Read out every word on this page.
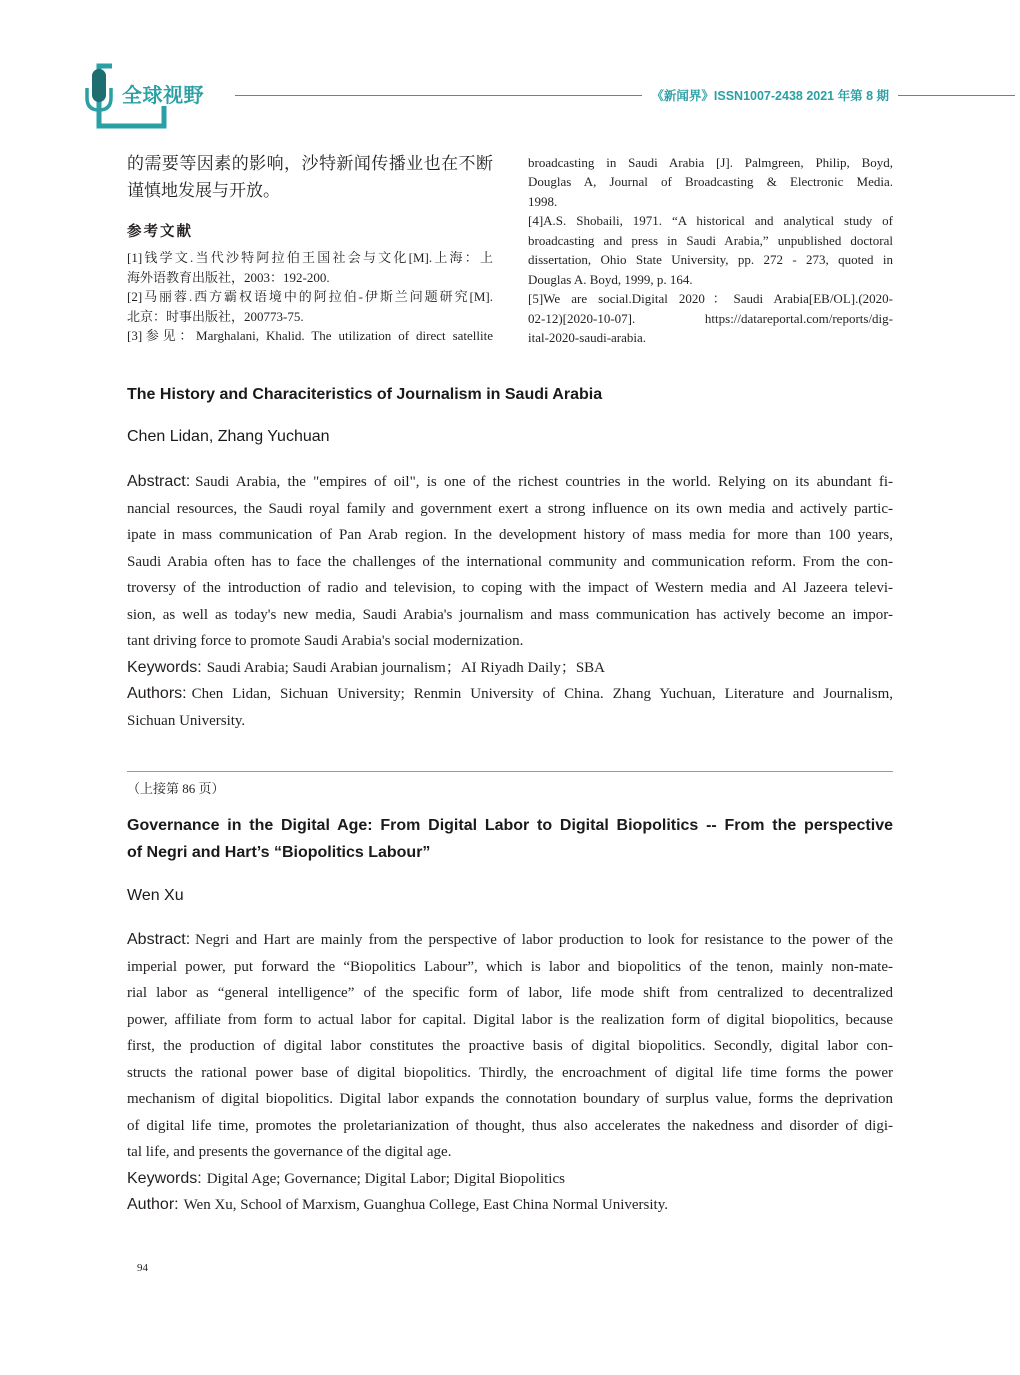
全球视野	《新闻界》ISSN1007-2438 2021 年第 8 期
的需要等因素的影响，沙特新闻传播业也在不断
谨慎地发展与开放。
参考文献
[1]钱学文.当代沙特阿拉伯王国社会与文化[M].上海：上
海外语教育出版社，2003：192-200.
[2]马丽蓉.西方霸权语境中的阿拉伯-伊斯兰问题研究[M].
北京：时事出版社，200773-75.
[3]参见：Marghalani, Khalid. The utilization of direct satellite
broadcasting in Saudi Arabia [J]. Palmgreen, Philip, Boyd,
Douglas A, Journal of Broadcasting & Electronic Media.
1998.
[4]A.S. Shobaili, 1971. “A historical and analytical study of
broadcasting and press in Saudi Arabia,” unpublished doctoral
dissertation, Ohio State University, pp. 272 - 273, quoted in
Douglas A. Boyd, 1999, p. 164.
[5]We are social.Digital 2020：Saudi Arabia[EB/OL].(2020-
02-12)[2020-10-07]. https://datareportal.com/reports/dig-
ital-2020-saudi-arabia.
The History and Characiteristics of Journalism in Saudi Arabia
Chen Lidan, Zhang Yuchuan
Abstract: Saudi Arabia, the "empires of oil", is one of the richest countries in the world. Relying on its abundant fi-
nancial resources, the Saudi royal family and government exert a strong influence on its own media and actively partic-
ipate in mass communication of Pan Arab region. In the development history of mass media for more than 100 years,
Saudi Arabia often has to face the challenges of the international community and communication reform. From the con-
troversy of the introduction of radio and television, to coping with the impact of Western media and Al Jazeera televi-
sion, as well as today's new media, Saudi Arabia's journalism and mass communication has actively become an impor-
tant driving force to promote Saudi Arabia's social modernization.
Keywords: Saudi Arabia; Saudi Arabian journalism；AI Riyadh Daily；SBA
Authors: Chen Lidan, Sichuan University; Renmin University of China. Zhang Yuchuan, Literature and Journalism,
Sichuan University.
（上接第 86 页）
Governance in the Digital Age: From Digital Labor to Digital Biopolitics -- From the perspective
of Negri and Hart’s “Biopolitics Labour”
Wen Xu
Abstract: Negri and Hart are mainly from the perspective of labor production to look for resistance to the power of the
imperial power, put forward the “Biopolitics Labour”, which is labor and biopolitics of the tenon, mainly non-mate-
rial labor as “general intelligence” of the specific form of labor, life mode shift from centralized to decentralized
power, affiliate from form to actual labor for capital. Digital labor is the realization form of digital biopolitics, because
first, the production of digital labor constitutes the proactive basis of digital biopolitics. Secondly, digital labor con-
structs the rational power base of digital biopolitics. Thirdly, the encroachment of digital life time forms the power
mechanism of digital biopolitics. Digital labor expands the connotation boundary of surplus value, forms the deprivation
of digital life time, promotes the proletarianization of thought, thus also accelerates the nakedness and disorder of digi-
tal life, and presents the governance of the digital age.
Keywords: Digital Age; Governance; Digital Labor; Digital Biopolitics
Author: Wen Xu, School of Marxism, Guanghua College, East China Normal University.
94
